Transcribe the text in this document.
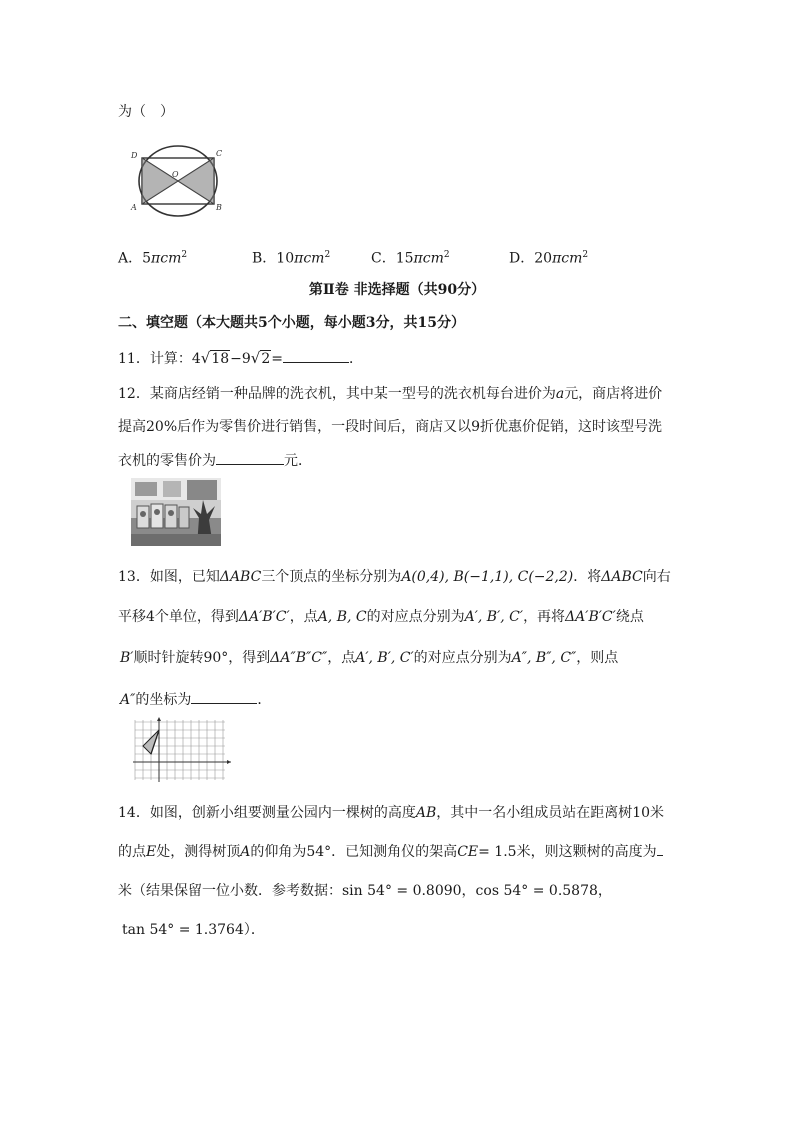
为（　）
D	C
A	B
O
A．5πcm$^2$	B．10πcm$^2$	C．15πcm$^2$	D．20πcm$^2$
第Ⅱ卷 非选择题（共90分）
二、填空题（本大题共5个小题，每小题3分，共15分）
11．计算：4√18−9√2=	．
12．某商店经销一种品牌的洗衣机，其中某一型号的洗衣机每台进价为a元，商店将进价
提高20%后作为零售价进行销售，一段时间后，商店又以9折优惠价促销，这时该型号洗
衣机的零售价为	元．
13．如图，已知ΔABC三个顶点的坐标分别为A(0,4), B(−1,1), C(−2,2)．将ΔABC向右
平移4个单位，得到ΔA′B′C′，点A, B, C的对应点分别为A′, B′, C′，再将ΔA′B′C′绕点
B′顺时针旋转90°，得到ΔA″B″C″，点A′, B′, C′的对应点分别为A″, B″, C″，则点
A″的坐标为	．
14．如图，创新小组要测量公园内一棵树的高度AB，其中一名小组成员站在距离树10米
的点E处，测得树顶A的仰角为54°．已知测角仪的架高CE= 1.5米，则这颗树的高度为
米（结果保留一位小数．参考数据：sin 54° = 0.8090，cos 54° = 0.5878，
tan 54° = 1.3764）．
